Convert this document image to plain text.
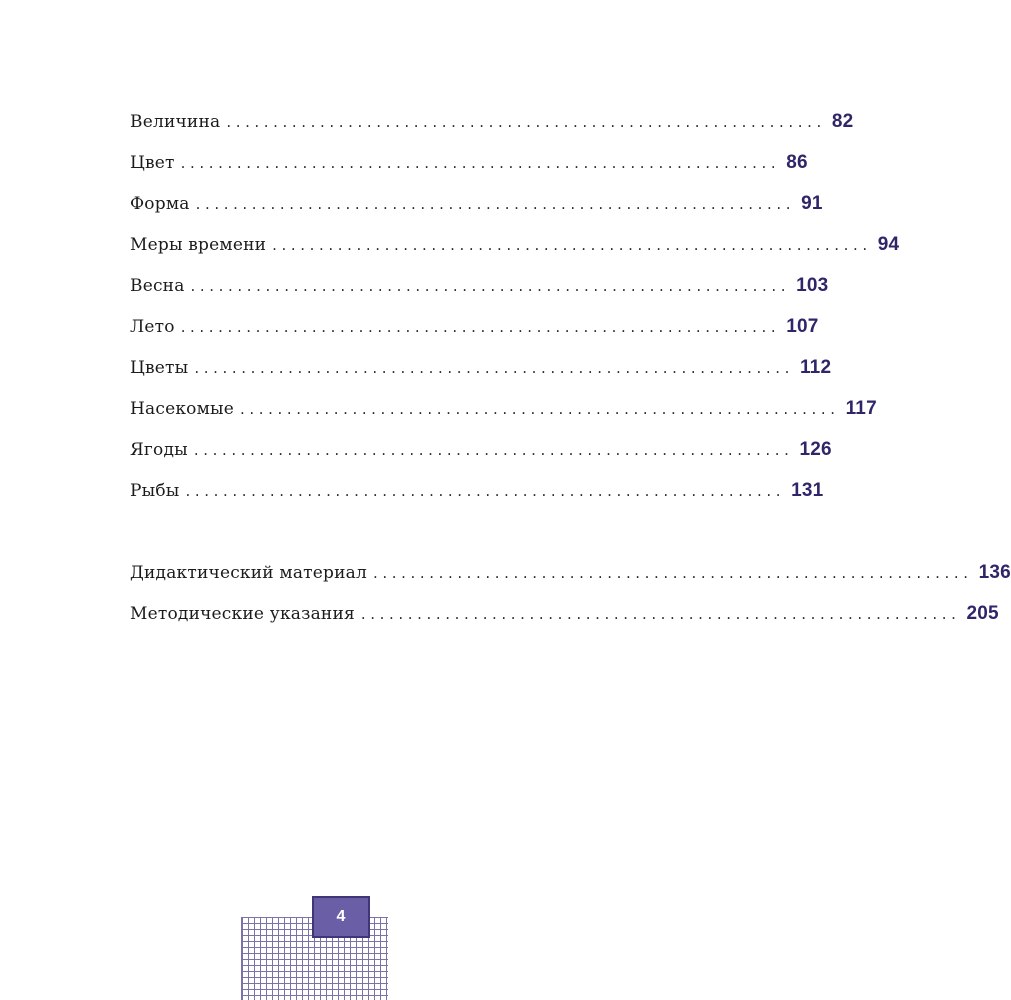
Величина ................................................................ 82
Цвет ................................................................ 86
Форма ................................................................ 91
Меры времени ................................................................ 94
Весна ................................................................ 103
Лето ................................................................ 107
Цветы ................................................................ 112
Насекомые ................................................................ 117
Ягоды ................................................................ 126
Рыбы ................................................................ 131
Дидактический материал ................................................................ 136
Методические указания ................................................................ 205
4
